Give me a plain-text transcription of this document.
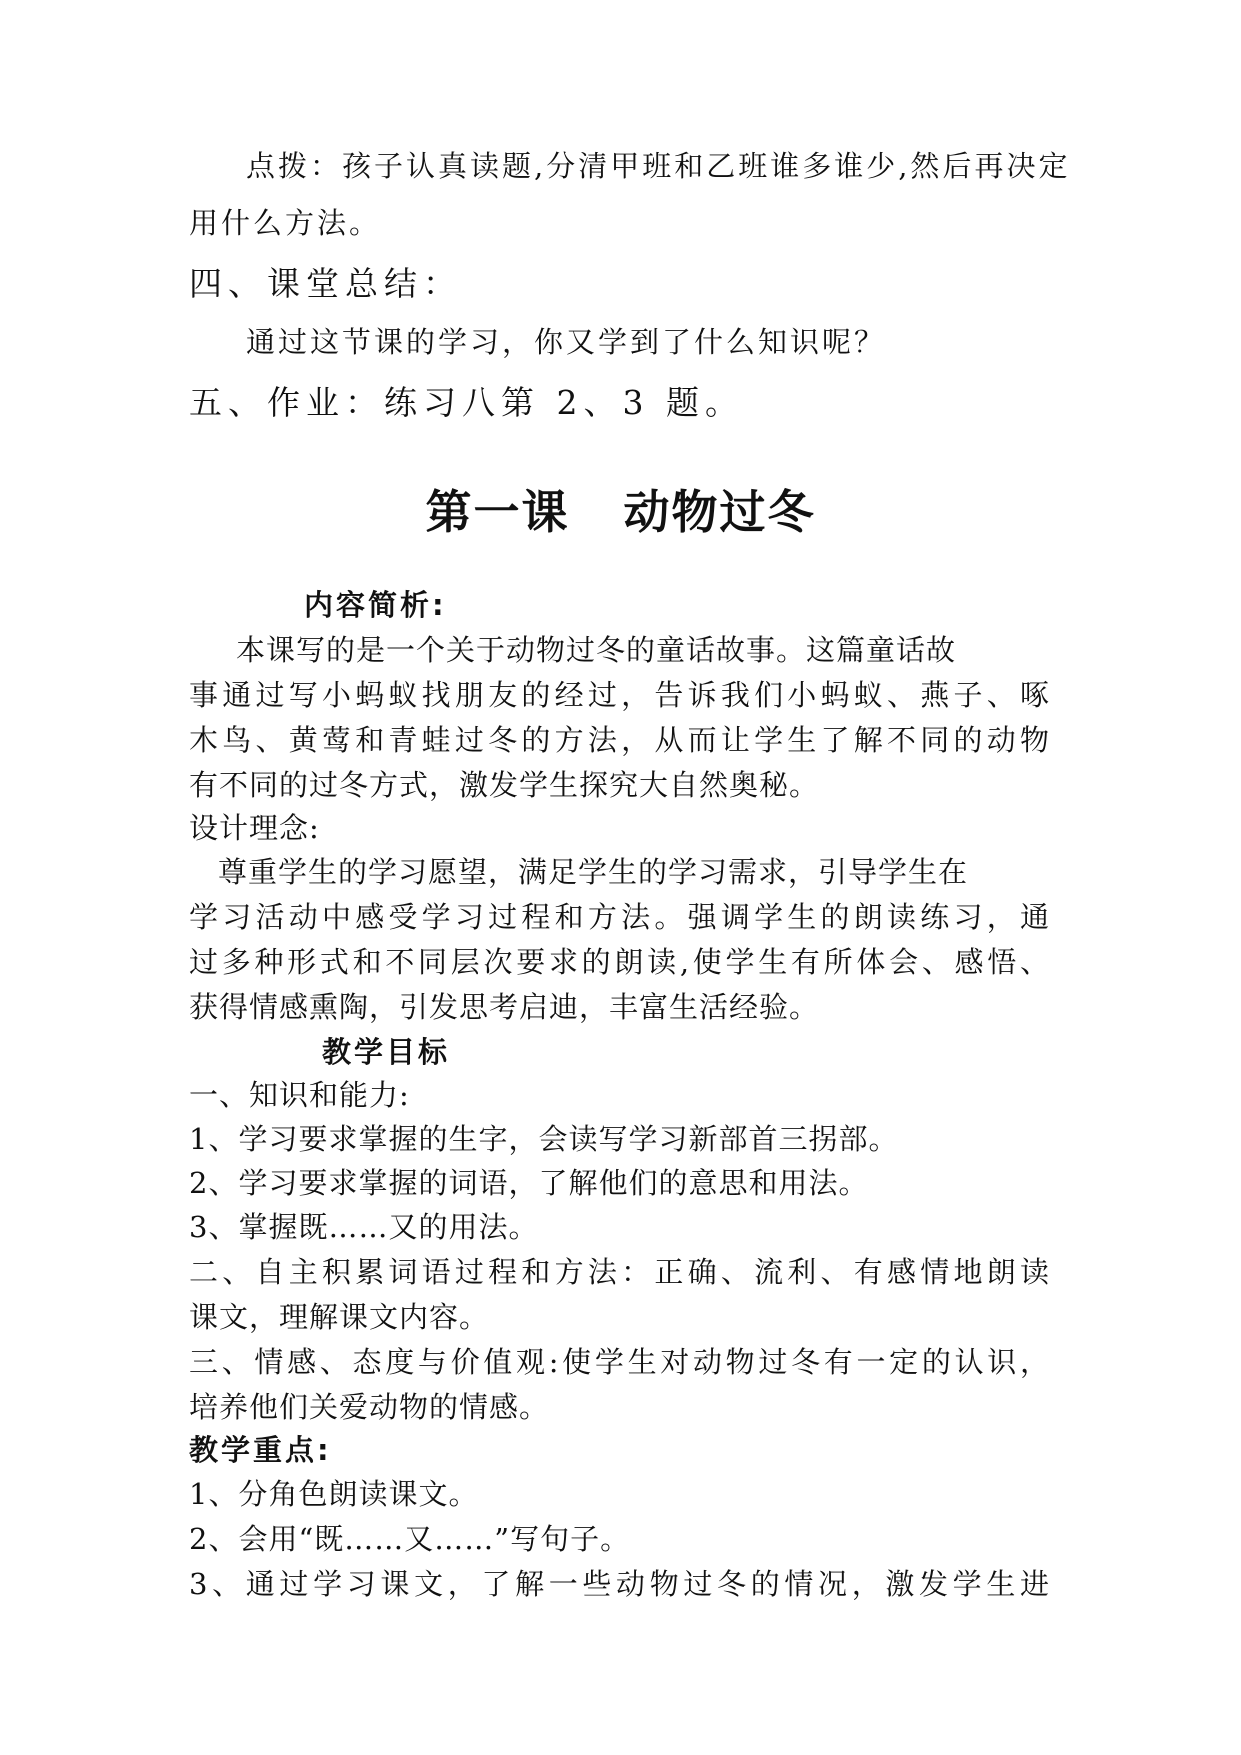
点拨：孩子认真读题,分清甲班和乙班谁多谁少,然后再决定
用什么方法。
四、课堂总结：
通过这节课的学习，你又学到了什么知识呢？
五、作业：练习八第 2、3 题。
第一课   动物过冬
内容简析:
本课写的是一个关于动物过冬的童话故事。这篇童话故
事通过写小蚂蚁找朋友的经过，告诉我们小蚂蚁、燕子、啄
木鸟、黄莺和青蛙过冬的方法，从而让学生了解不同的动物
有不同的过冬方式，激发学生探究大自然奥秘。
设计理念:
尊重学生的学习愿望，满足学生的学习需求，引导学生在
学习活动中感受学习过程和方法。强调学生的朗读练习，通
过多种形式和不同层次要求的朗读,使学生有所体会、感悟、
获得情感熏陶，引发思考启迪，丰富生活经验。
教学目标
一、知识和能力:
1、学习要求掌握的生字，会读写学习新部首三拐部。
2、学习要求掌握的词语，了解他们的意思和用法。
3、掌握既……又的用法。
二、自主积累词语过程和方法：正确、流利、有感情地朗读
课文，理解课文内容。
三、情感、态度与价值观:使学生对动物过冬有一定的认识，
培养他们关爱动物的情感。
教学重点:
1、分角色朗读课文。
2、会用“既……又……”写句子。
3、通过学习课文，了解一些动物过冬的情况，激发学生进
